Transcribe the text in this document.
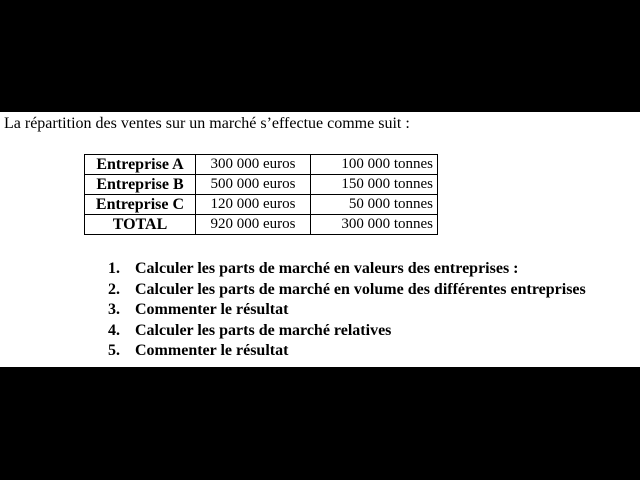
La répartition des ventes sur un marché s’effectue comme suit :
Entreprise A	300 000 euros	100 000 tonnes
Entreprise B	500 000 euros	150 000 tonnes
Entreprise C	120 000 euros	50 000 tonnes
TOTAL	920 000 euros	300 000 tonnes
1. Calculer les parts de marché en valeurs des entreprises :
2. Calculer les parts de marché en volume des différentes entreprises
3. Commenter le résultat
4. Calculer les parts de marché relatives
5. Commenter le résultat
